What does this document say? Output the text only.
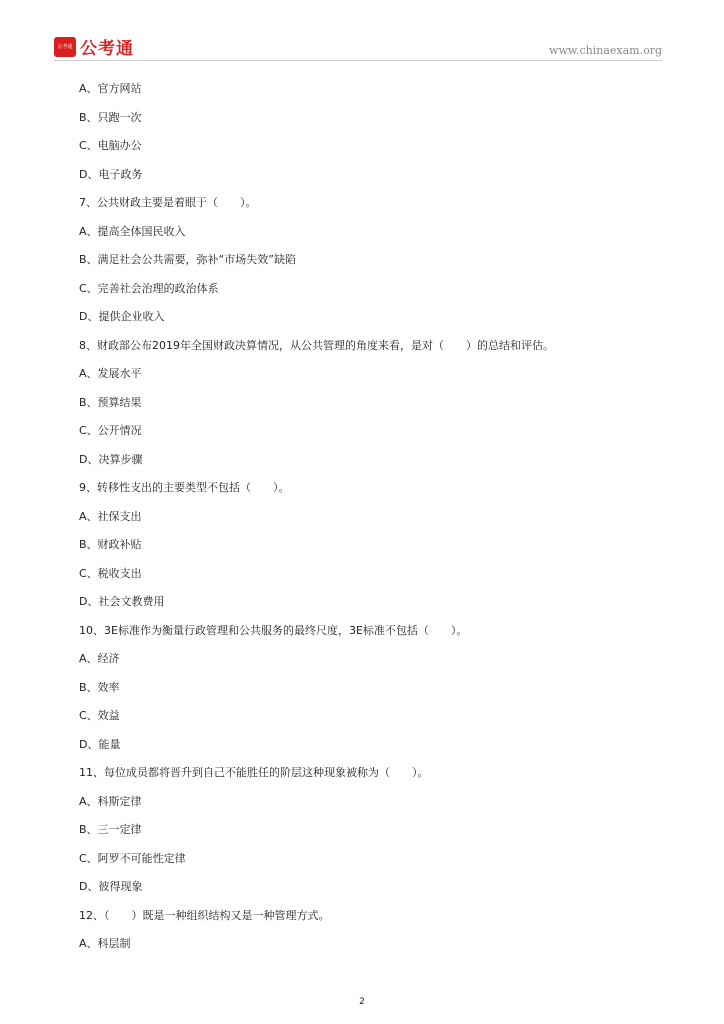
公考通 公考通	www.chinaexam.org
A、官方网站
B、只跑一次
C、电脑办公
D、电子政务
7、公共财政主要是着眼于（　　）。
A、提高全体国民收入
B、满足社会公共需要，弥补“市场失效”缺陷
C、完善社会治理的政治体系
D、提供企业收入
8、财政部公布2019年全国财政决算情况，从公共管理的角度来看，是对（　　）的总结和评估。
A、发展水平
B、预算结果
C、公开情况
D、决算步骤
9、转移性支出的主要类型不包括（　　）。
A、社保支出
B、财政补贴
C、税收支出
D、社会文教费用
10、3E标准作为衡量行政管理和公共服务的最终尺度，3E标准不包括（　　）。
A、经济
B、效率
C、效益
D、能量
11、每位成员都将晋升到自己不能胜任的阶层这种现象被称为（　　）。
A、科斯定律
B、三一定律
C、阿罗不可能性定律
D、彼得现象
12、（　　）既是一种组织结构又是一种管理方式。
A、科层制
2
